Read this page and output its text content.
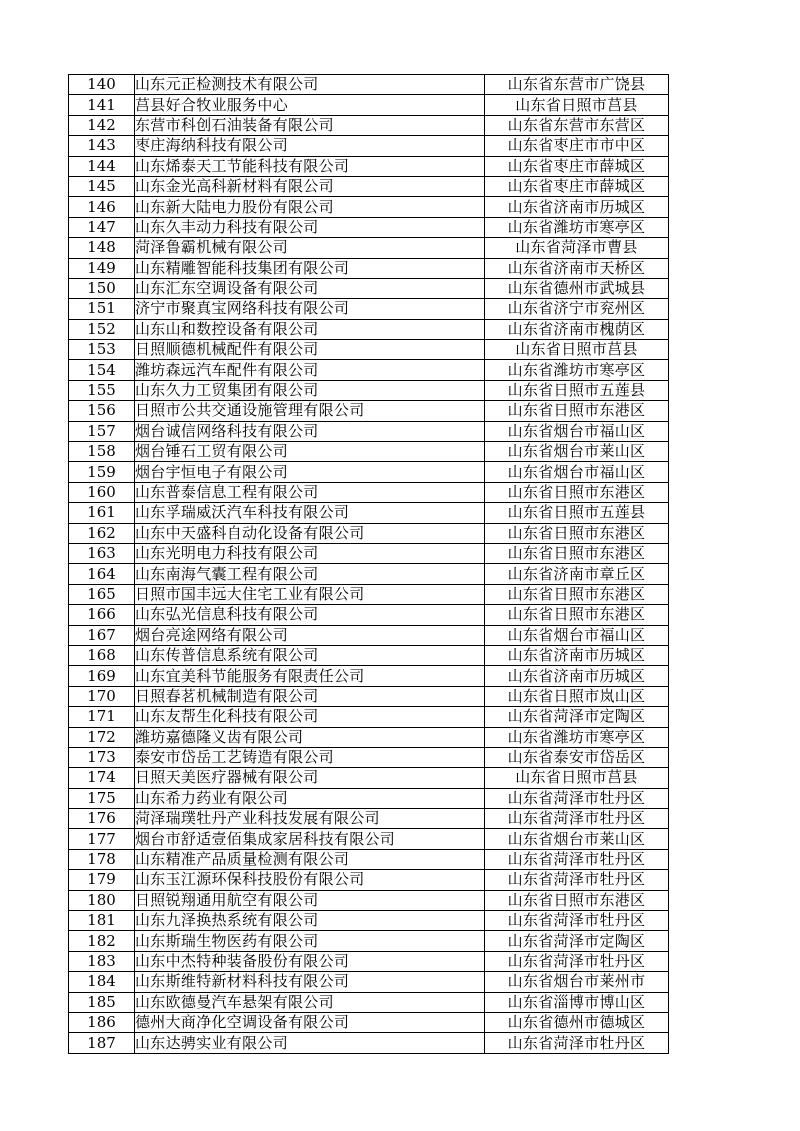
140	山东元正检测技术有限公司	山东省东营市广饶县
141	莒县好合牧业服务中心	山东省日照市莒县
142	东营市科创石油装备有限公司	山东省东营市东营区
143	枣庄海纳科技有限公司	山东省枣庄市市中区
144	山东烯泰天工节能科技有限公司	山东省枣庄市薛城区
145	山东金光高科新材料有限公司	山东省枣庄市薛城区
146	山东新大陆电力股份有限公司	山东省济南市历城区
147	山东久丰动力科技有限公司	山东省潍坊市寒亭区
148	菏泽鲁霸机械有限公司	山东省菏泽市曹县
149	山东精雕智能科技集团有限公司	山东省济南市天桥区
150	山东汇东空调设备有限公司	山东省德州市武城县
151	济宁市聚真宝网络科技有限公司	山东省济宁市兖州区
152	山东山和数控设备有限公司	山东省济南市槐荫区
153	日照顺德机械配件有限公司	山东省日照市莒县
154	潍坊森远汽车配件有限公司	山东省潍坊市寒亭区
155	山东久力工贸集团有限公司	山东省日照市五莲县
156	日照市公共交通设施管理有限公司	山东省日照市东港区
157	烟台诚信网络科技有限公司	山东省烟台市福山区
158	烟台锤石工贸有限公司	山东省烟台市莱山区
159	烟台宇恒电子有限公司	山东省烟台市福山区
160	山东普泰信息工程有限公司	山东省日照市东港区
161	山东孚瑞威沃汽车科技有限公司	山东省日照市五莲县
162	山东中天盛科自动化设备有限公司	山东省日照市东港区
163	山东光明电力科技有限公司	山东省日照市东港区
164	山东南海气囊工程有限公司	山东省济南市章丘区
165	日照市国丰远大住宅工业有限公司	山东省日照市东港区
166	山东弘光信息科技有限公司	山东省日照市东港区
167	烟台亮途网络有限公司	山东省烟台市福山区
168	山东传普信息系统有限公司	山东省济南市历城区
169	山东宜美科节能服务有限责任公司	山东省济南市历城区
170	日照春茗机械制造有限公司	山东省日照市岚山区
171	山东友帮生化科技有限公司	山东省菏泽市定陶区
172	潍坊嘉德隆义齿有限公司	山东省潍坊市寒亭区
173	泰安市岱岳工艺铸造有限公司	山东省泰安市岱岳区
174	日照天美医疗器械有限公司	山东省日照市莒县
175	山东希力药业有限公司	山东省菏泽市牡丹区
176	菏泽瑞璞牡丹产业科技发展有限公司	山东省菏泽市牡丹区
177	烟台市舒适壹佰集成家居科技有限公司	山东省烟台市莱山区
178	山东精准产品质量检测有限公司	山东省菏泽市牡丹区
179	山东玉江源环保科技股份有限公司	山东省菏泽市牡丹区
180	日照锐翔通用航空有限公司	山东省日照市东港区
181	山东九泽换热系统有限公司	山东省菏泽市牡丹区
182	山东斯瑞生物医药有限公司	山东省菏泽市定陶区
183	山东中杰特种装备股份有限公司	山东省菏泽市牡丹区
184	山东斯维特新材料科技有限公司	山东省烟台市莱州市
185	山东欧德曼汽车悬架有限公司	山东省淄博市博山区
186	德州大商净化空调设备有限公司	山东省德州市德城区
187	山东达骋实业有限公司	山东省菏泽市牡丹区
